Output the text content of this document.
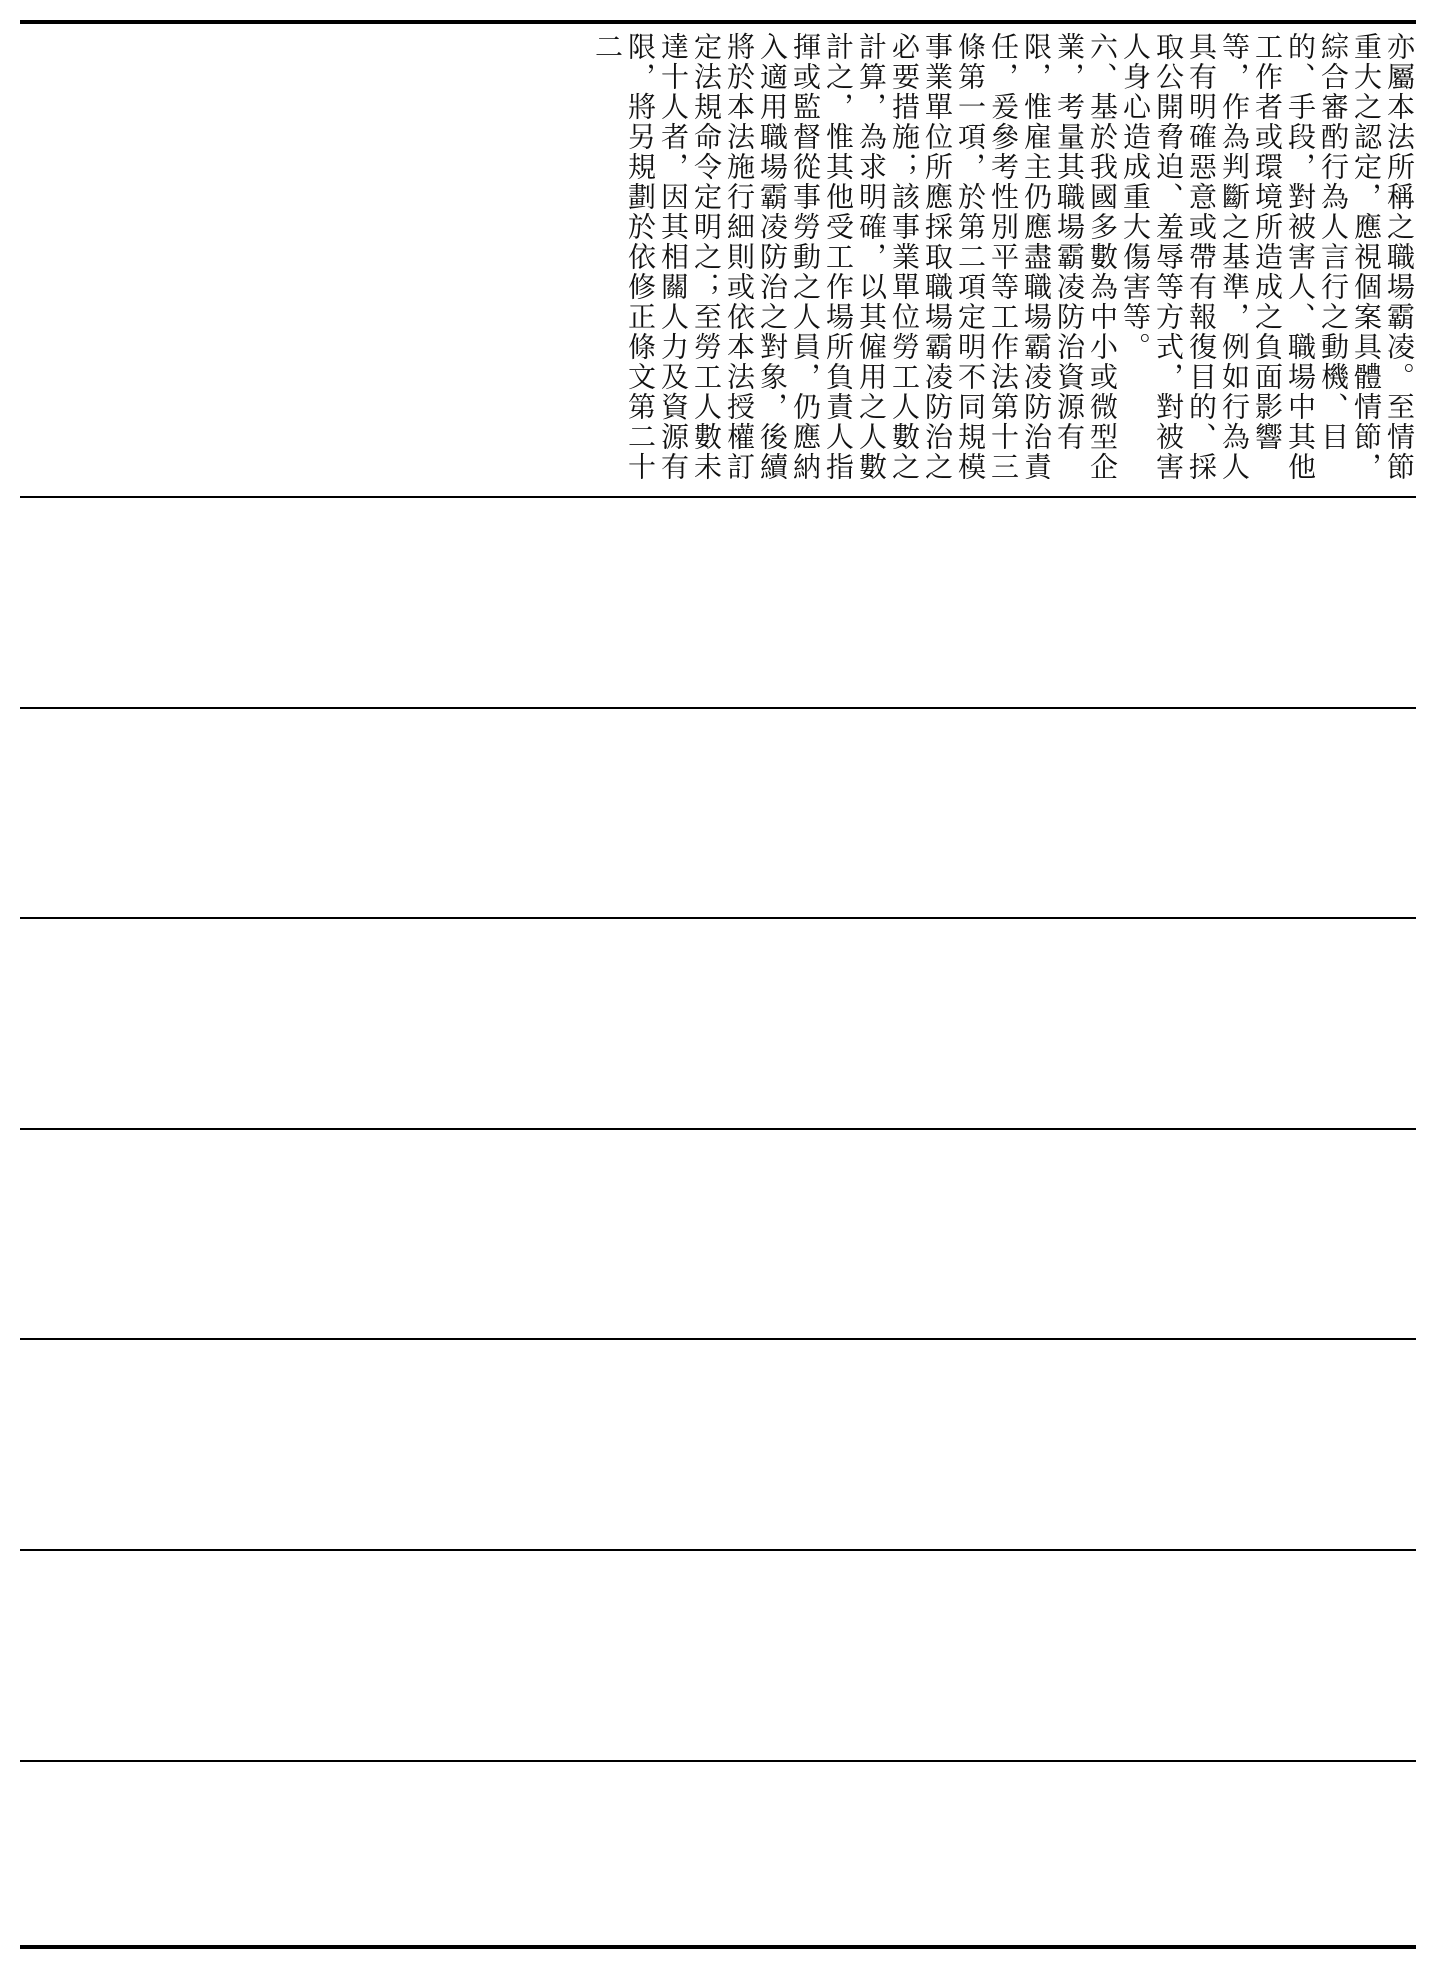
亦屬本法所稱之職場霸凌。至情節重大之認定，應視個案具體情節，綜合審酌行為人言行之動機、目的、手段，對被害人、職場中其他工作者或環境所造成之負面影響等，作為判斷之基準，例如行為人具有明確惡意或帶有報復目的、採取公開脅迫、羞辱等方式，對被害人身心造成重大傷害等。

六、基於我國多數為中小或微型企業，考量其職場霸凌防治資源有限，惟雇主仍應盡職場霸凌防治責任，爰參考性別平等工作法第十三條第一項，於第二項定明不同規模事業單位所應採取職場霸凌防治之必要措施；該事業單位勞工人數之計算，為求明確，以其僱用之人數計之，惟其他受工作場所負責人指揮或監督從事勞動之人員，仍應納入適用職場霸凌防治之對象，後續將於本法施行細則或依本法授權訂定法規命令定明之；至勞工人數未達十人者，因其相關人力及資源有限，將另規劃於依修正條文第二十二
